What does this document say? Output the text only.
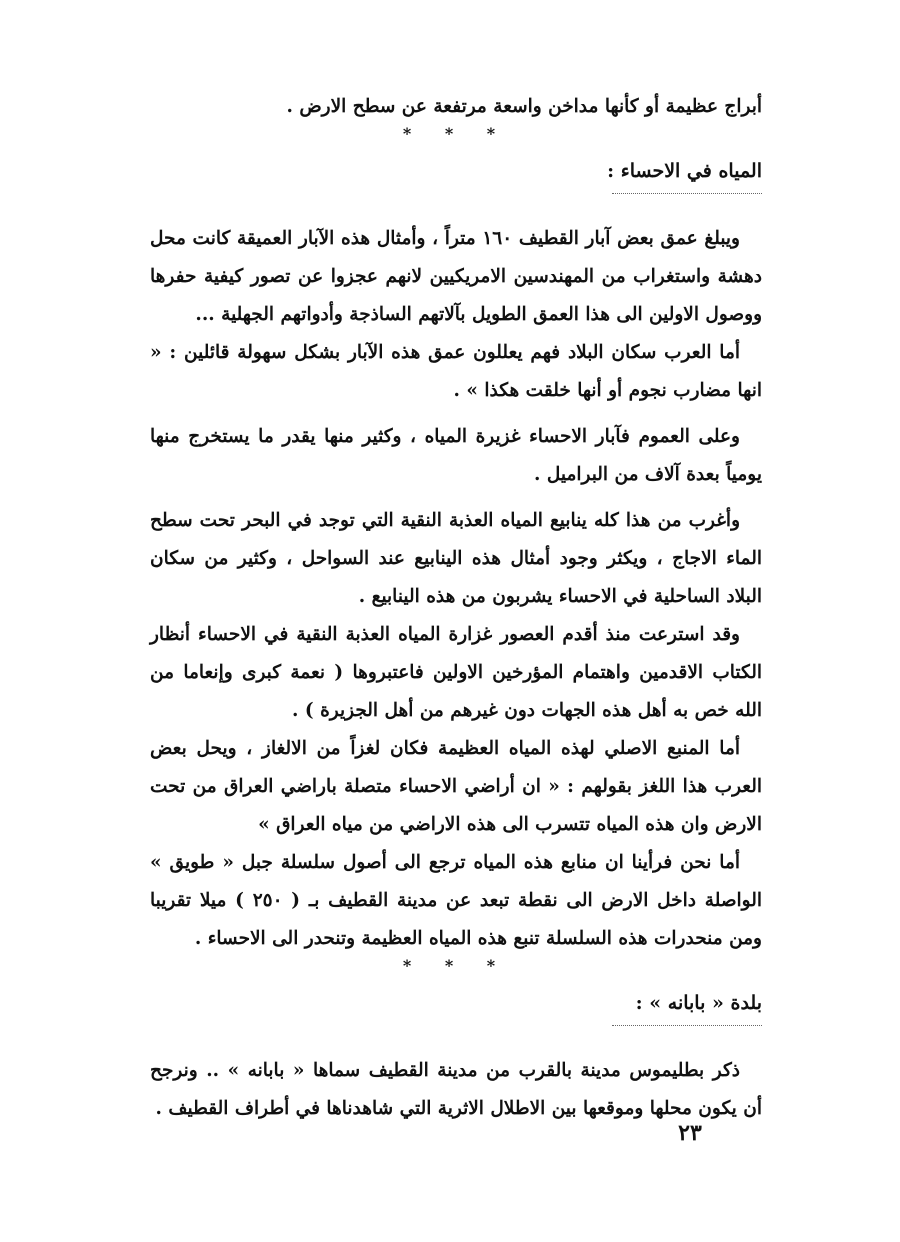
أبراج عظيمة أو كأنها مداخن واسعة مرتفعة عن سطح الارض .

* * *

المياه في الاحساء :

ويبلغ عمق بعض آبار القطيف ١٦٠ متراً ، وأمثال هذه الآبار العميقة كانت محل دهشة واستغراب من المهندسين الامريكيين لانهم عجزوا عن تصور كيفية حفرها ووصول الاولين الى هذا العمق الطويل بآلاتهم الساذجة وأدواتهم الجهلية ...

أما العرب سكان البلاد فهم يعللون عمق هذه الآبار بشكل سهولة قائلين : « انها مضارب نجوم أو أنها خلقت هكذا » .

وعلى العموم فآبار الاحساء غزيرة المياه ، وكثير منها يقدر ما يستخرج منها يومياً بعدة آلاف من البراميل .

وأغرب من هذا كله ينابيع المياه العذبة النقية التي توجد في البحر تحت سطح الماء الاجاج ، ويكثر وجود أمثال هذه الينابيع عند السواحل ، وكثير من سكان البلاد الساحلية في الاحساء يشربون من هذه الينابيع .

وقد استرعت منذ أقدم العصور غزارة المياه العذبة النقية في الاحساء أنظار الكتاب الاقدمين واهتمام المؤرخين الاولين فاعتبروها ( نعمة كبرى وإنعاما من الله خص به أهل هذه الجهات دون غيرهم من أهل الجزيرة ) .

أما المنبع الاصلي لهذه المياه العظيمة فكان لغزاً من الالغاز ، ويحل بعض العرب هذا اللغز بقولهم : « ان أراضي الاحساء متصلة باراضي العراق من تحت الارض وان هذه المياه تتسرب الى هذه الاراضي من مياه العراق »

أما نحن فرأينا ان منابع هذه المياه ترجع الى أصول سلسلة جبل « طويق » الواصلة داخل الارض الى نقطة تبعد عن مدينة القطيف بـ ( ٢٥٠ ) ميلا تقريبا ومن منحدرات هذه السلسلة تنبع هذه المياه العظيمة وتنحدر الى الاحساء .

* * *

بلدة « بابانه » :

ذكر بطليموس مدينة بالقرب من مدينة القطيف سماها « بابانه » .. ونرجح أن يكون محلها وموقعها بين الاطلال الاثرية التي شاهدناها في أطراف القطيف .

٢٣
